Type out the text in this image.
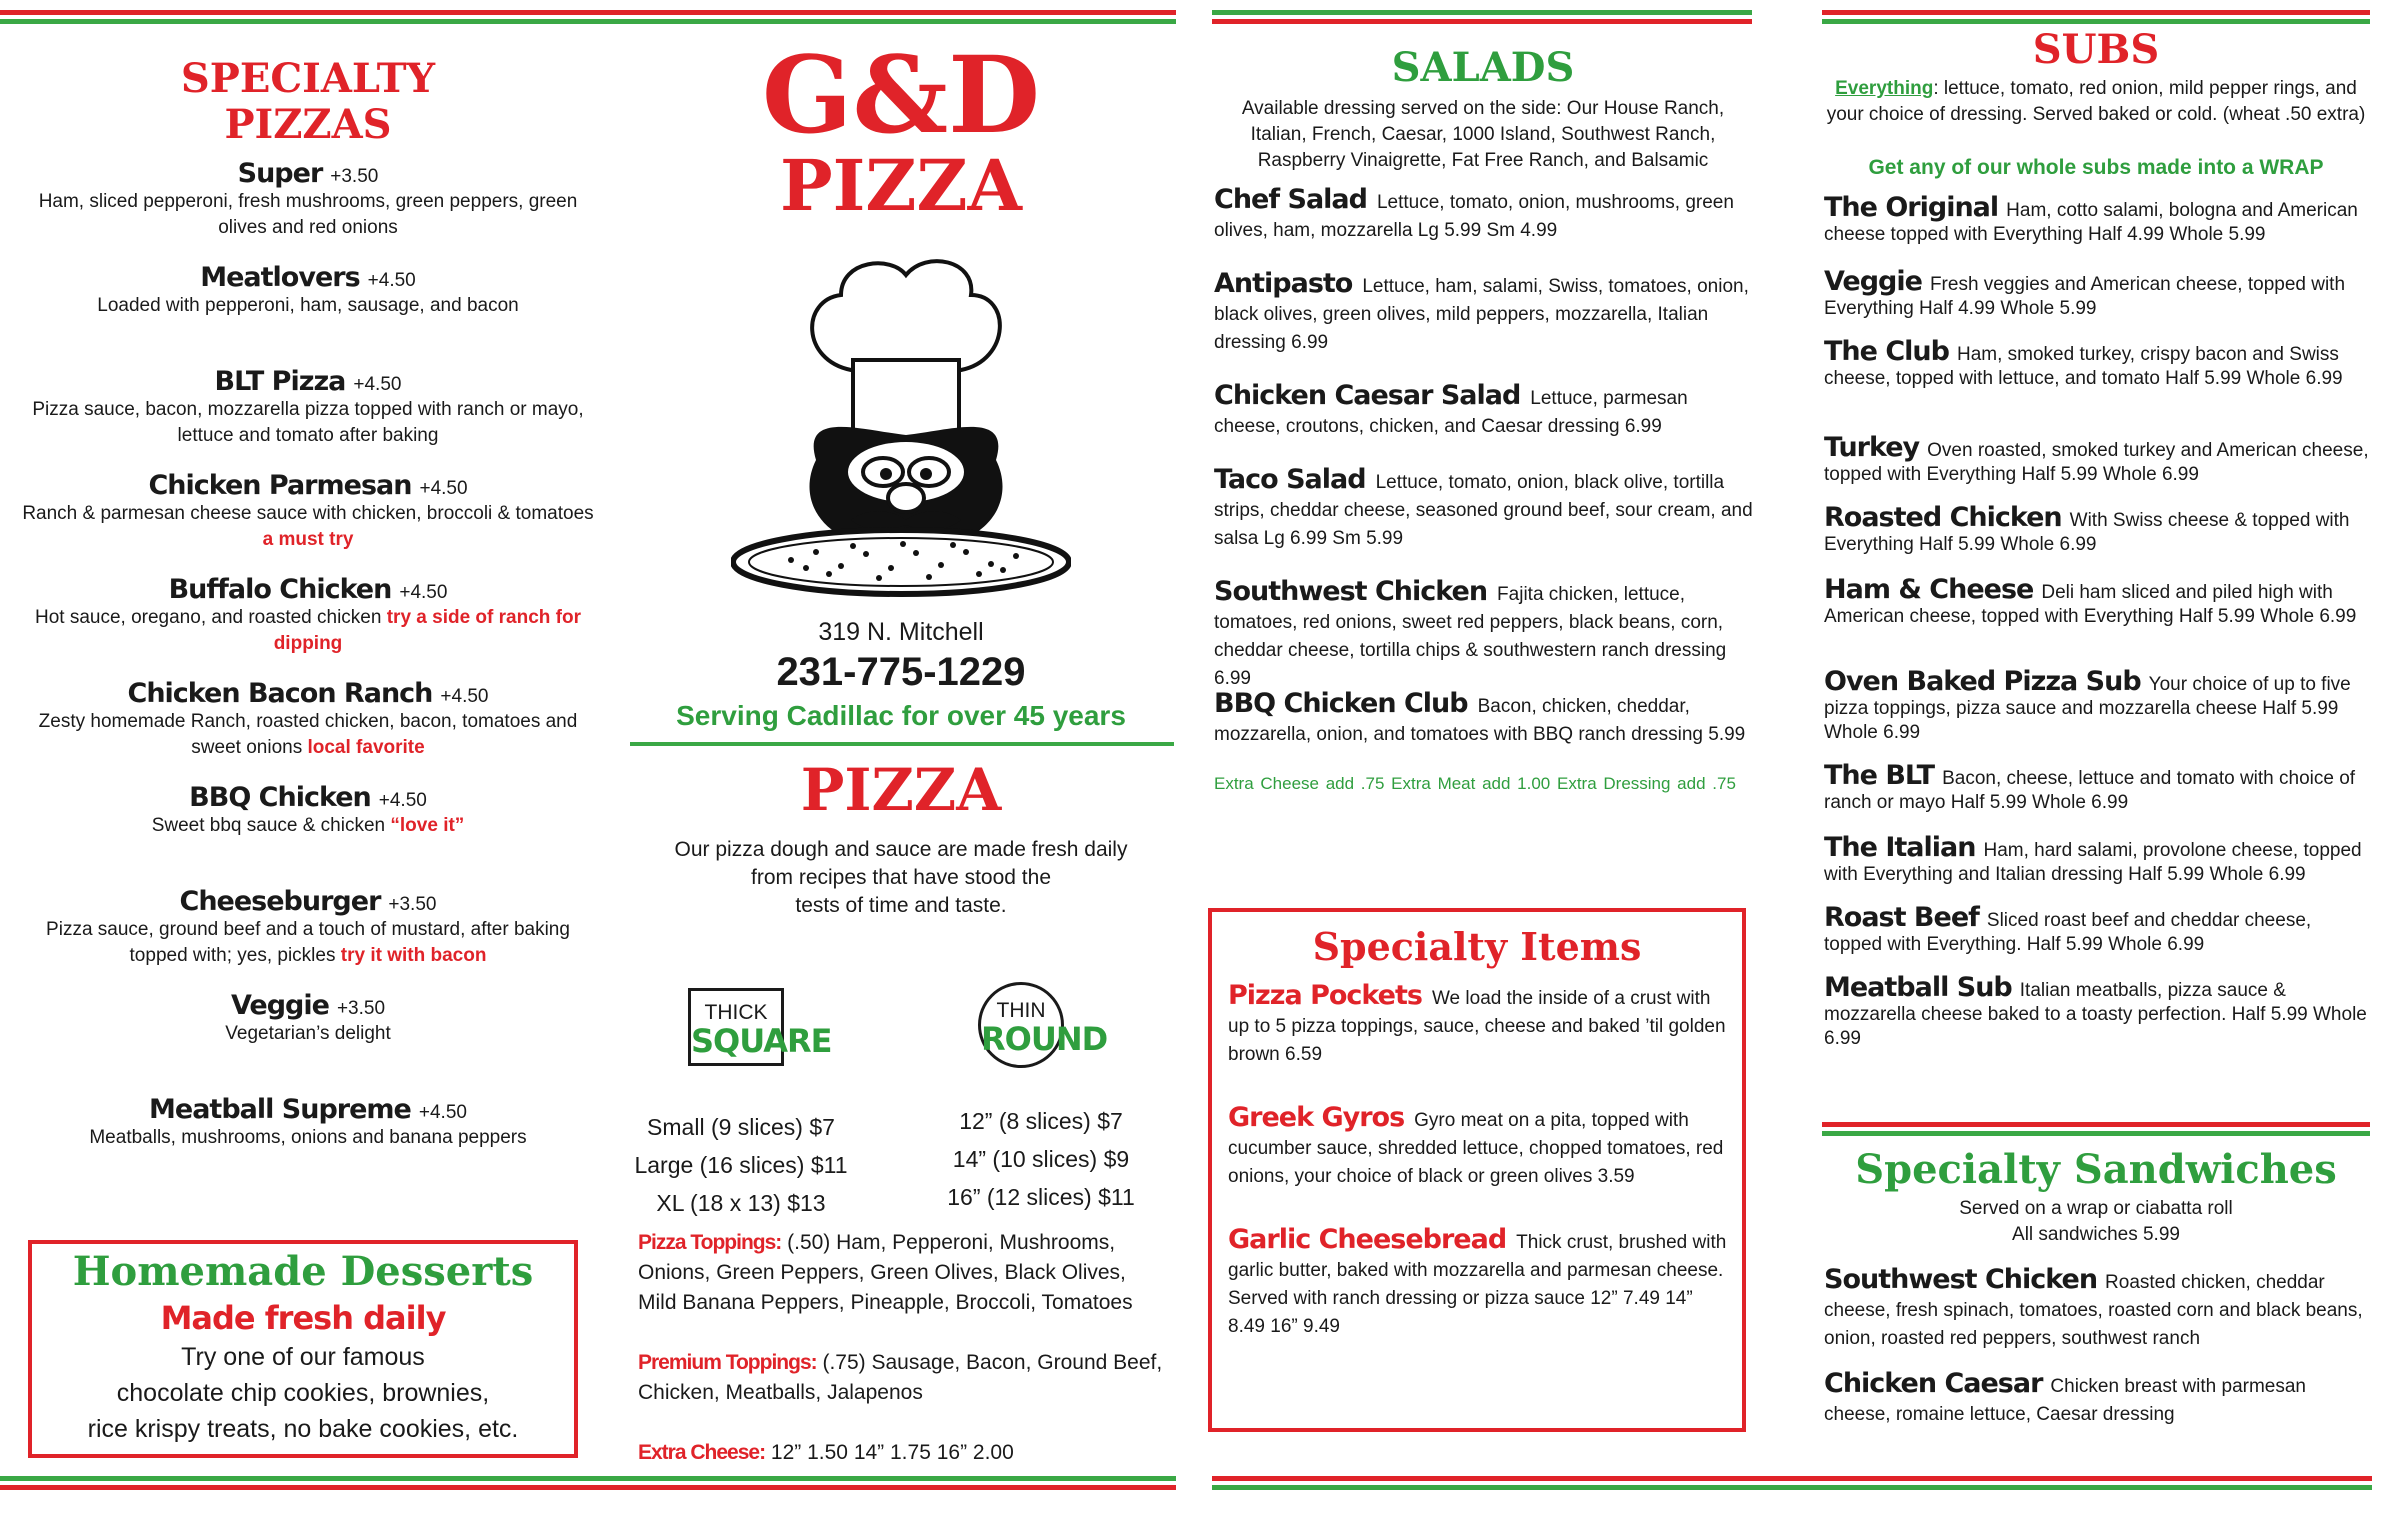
SPECIALTY
PIZZAS
Super +3.50
Ham, sliced pepperoni, fresh mushrooms, green peppers, green olives and red onions
Meatlovers +4.50
Loaded with pepperoni, ham, sausage, and bacon
BLT Pizza +4.50
Pizza sauce, bacon, mozzarella pizza topped with ranch or mayo, lettuce and tomato after baking
Chicken Parmesan +4.50
Ranch & parmesan cheese sauce with chicken, broccoli & tomatoes a must try
Buffalo Chicken +4.50
Hot sauce, oregano, and roasted chicken try a side of ranch for dipping
Chicken Bacon Ranch +4.50
Zesty homemade Ranch, roasted chicken, bacon, tomatoes and sweet onions local favorite
BBQ Chicken +4.50
Sweet bbq sauce & chicken “love it”
Cheeseburger +3.50
Pizza sauce, ground beef and a touch of mustard, after baking topped with; yes, pickles try it with bacon
Veggie +3.50
Vegetarian’s delight
Meatball Supreme +4.50
Meatballs, mushrooms, onions and banana peppers
Homemade Desserts
Made fresh daily
Try one of our famous
chocolate chip cookies, brownies,
rice krispy treats, no bake cookies, etc.
G&D
PIZZA
319 N. Mitchell
231-775-1229
Serving Cadillac for over 45 years
PIZZA
Our pizza dough and sauce are made fresh daily
from recipes that have stood the
tests of time and taste.
THICK
SQUARE
THIN
ROUND
Small (9 slices) $7
Large (16 slices) $11
XL (18 x 13) $13
12” (8 slices) $7
14” (10 slices) $9
16” (12 slices) $11
Pizza Toppings: (.50) Ham, Pepperoni, Mushrooms, Onions, Green Peppers, Green Olives, Black Olives, Mild Banana Peppers, Pineapple, Broccoli, Tomatoes
Premium Toppings: (.75) Sausage, Bacon, Ground Beef, Chicken, Meatballs, Jalapenos
Extra Cheese: 12” 1.50 14” 1.75 16” 2.00
SALADS
Available dressing served on the side: Our House Ranch, Italian, French, Caesar, 1000 Island, Southwest Ranch, Raspberry Vinaigrette, Fat Free Ranch, and Balsamic
Chef Salad Lettuce, tomato, onion, mushrooms, green olives, ham, mozzarella Lg 5.99 Sm 4.99
Antipasto Lettuce, ham, salami, Swiss, tomatoes, onion, black olives, green olives, mild peppers, mozzarella, Italian dressing 6.99
Chicken Caesar Salad Lettuce, parmesan cheese, croutons, chicken, and Caesar dressing 6.99
Taco Salad Lettuce, tomato, onion, black olive, tortilla strips, cheddar cheese, seasoned ground beef, sour cream, and salsa Lg 6.99 Sm 5.99
Southwest Chicken Fajita chicken, lettuce, tomatoes, red onions, sweet red peppers, black beans, corn, cheddar cheese, tortilla chips & southwestern ranch dressing 6.99
BBQ Chicken Club Bacon, chicken, cheddar, mozzarella, onion, and tomatoes with BBQ ranch dressing 5.99
Extra Cheese add .75 Extra Meat add 1.00 Extra Dressing add .75
Specialty Items
Pizza Pockets We load the inside of a crust with up to 5 pizza toppings, sauce, cheese and baked ’til golden brown 6.59
Greek Gyros Gyro meat on a pita, topped with cucumber sauce, shredded lettuce, chopped tomatoes, red onions, your choice of black or green olives 3.59
Garlic Cheesebread Thick crust, brushed with garlic butter, baked with mozzarella and parmesan cheese. Served with ranch dressing or pizza sauce 12” 7.49 14” 8.49 16” 9.49
SUBS
Everything: lettuce, tomato, red onion, mild pepper rings, and your choice of dressing. Served baked or cold. (wheat .50 extra)
Get any of our whole subs made into a WRAP
The Original Ham, cotto salami, bologna and American cheese topped with Everything Half 4.99 Whole 5.99
Veggie Fresh veggies and American cheese, topped with Everything Half 4.99 Whole 5.99
The Club Ham, smoked turkey, crispy bacon and Swiss cheese, topped with lettuce, and tomato Half 5.99 Whole 6.99
Turkey Oven roasted, smoked turkey and American cheese, topped with Everything Half 5.99 Whole 6.99
Roasted Chicken With Swiss cheese & topped with Everything Half 5.99 Whole 6.99
Ham & Cheese Deli ham sliced and piled high with American cheese, topped with Everything Half 5.99 Whole 6.99
Oven Baked Pizza Sub Your choice of up to five pizza toppings, pizza sauce and mozzarella cheese Half 5.99 Whole 6.99
The BLT Bacon, cheese, lettuce and tomato with choice of ranch or mayo Half 5.99 Whole 6.99
The Italian Ham, hard salami, provolone cheese, topped with Everything and Italian dressing Half 5.99 Whole 6.99
Roast Beef Sliced roast beef and cheddar cheese, topped with Everything. Half 5.99 Whole 6.99
Meatball Sub Italian meatballs, pizza sauce & mozzarella cheese baked to a toasty perfection. Half 5.99 Whole 6.99
Specialty Sandwiches
Served on a wrap or ciabatta roll
All sandwiches 5.99
Southwest Chicken Roasted chicken, cheddar cheese, fresh spinach, tomatoes, roasted corn and black beans, onion, roasted red peppers, southwest ranch
Chicken Caesar Chicken breast with parmesan cheese, romaine lettuce, Caesar dressing
